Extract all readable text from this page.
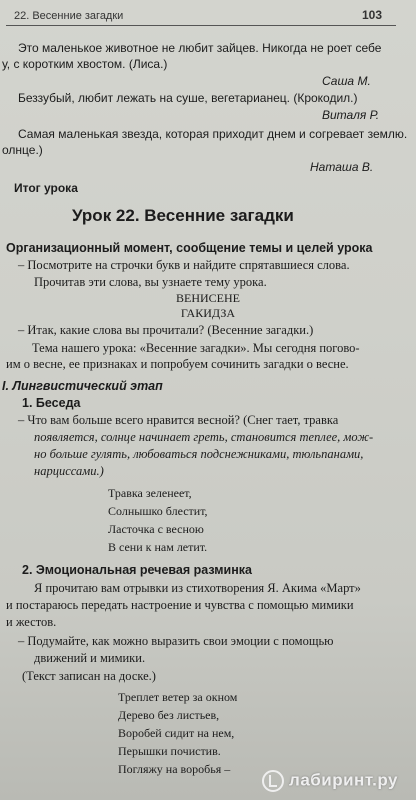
22. Весенние загадки	103
Это маленькое животное не любит зайцев. Никогда не роет себе
у, с коротким хвостом. (Лиса.)
Саша М.
Беззубый, любит лежать на суше, вегетарианец. (Крокодил.)
Виталя Р.
Самая маленькая звезда, которая приходит днем и согревает землю.
олнце.)
Наташа В.
Итог урока
Урок 22. Весенние загадки
Организационный момент, сообщение темы и целей урока
– Посмотрите на строчки букв и найдите спрятавшиеся слова.
Прочитав эти слова, вы узнаете тему урока.
ВЕНИСЕНЕ
ГАКИДЗА
– Итак, какие слова вы прочитали? (Весенние загадки.)
Тема нашего урока: «Весенние загадки». Мы сегодня погово-
им о весне, ее признаках и попробуем сочинить загадки о весне.
I. Лингвистический этап
1. Беседа
– Что вам больше всего нравится весной? (Снег тает, травка
появляется, солнце начинает греть, становится теплее, мож-
но больше гулять, любоваться подснежниками, тюльпанами,
нарциссами.)
Травка зеленеет,
Солнышко блестит,
Ласточка с весною
В сени к нам летит.
2. Эмоциональная речевая разминка
Я прочитаю вам отрывки из стихотворения Я. Акима «Март»
и постараюсь передать настроение и чувства с помощью мимики
и жестов.
– Подумайте, как можно выразить свои эмоции с помощью
движений и мимики.
(Текст записан на доске.)
Треплет ветер за окном
Дерево без листьев,
Воробей сидит на нем,
Перышки почистив.
Погляжу на воробья –
лабиринт.ру
